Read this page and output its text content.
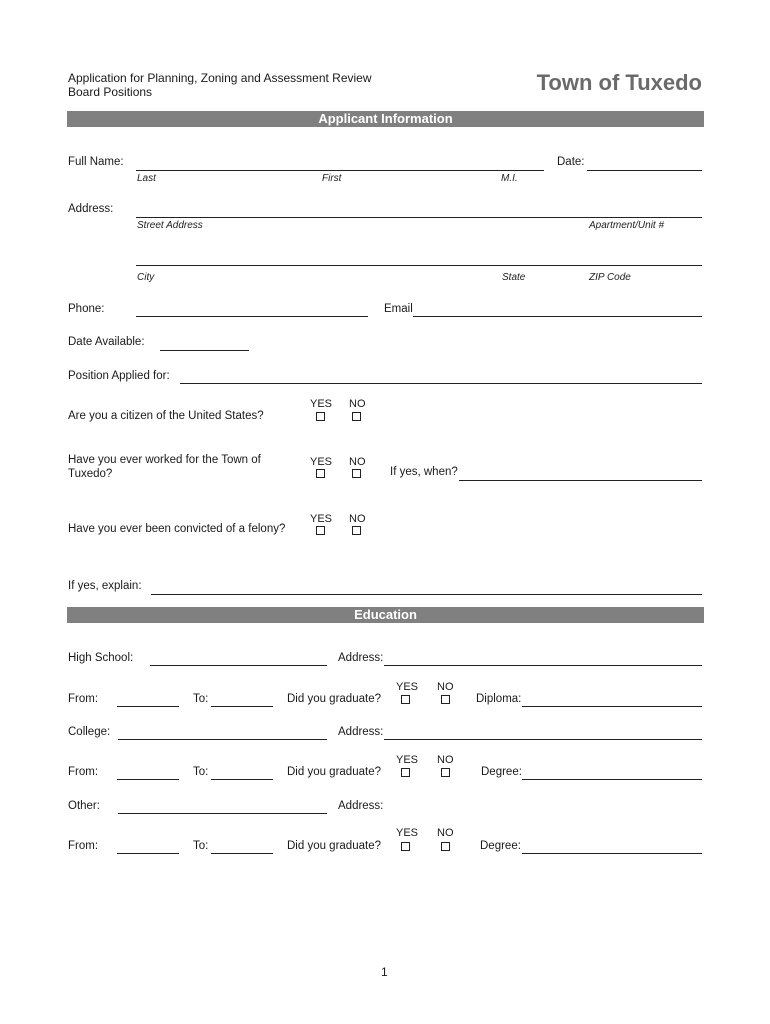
Application for Planning, Zoning and Assessment Review Board Positions	Town of Tuxedo
Applicant Information
Full Name:
Last	First	M.I.
Date:
Address:
Street Address	Apartment/Unit #
City	State	ZIP Code
Phone:	Email
Date Available:
Position Applied for:
YES NO
Are you a citizen of the United States?
Have you ever worked for the Town of Tuxedo?
YES NO
If yes, when?
YES NO
Have you ever been convicted of a felony?
If yes, explain:
Education
High School:	Address:
YES NO
From:	To:	Did you graduate?	Diploma:
College:	Address:
YES NO
From:	To:	Did you graduate?	Degree:
Other:	Address:
YES NO
From:	To:	Did you graduate?	Degree:
1
